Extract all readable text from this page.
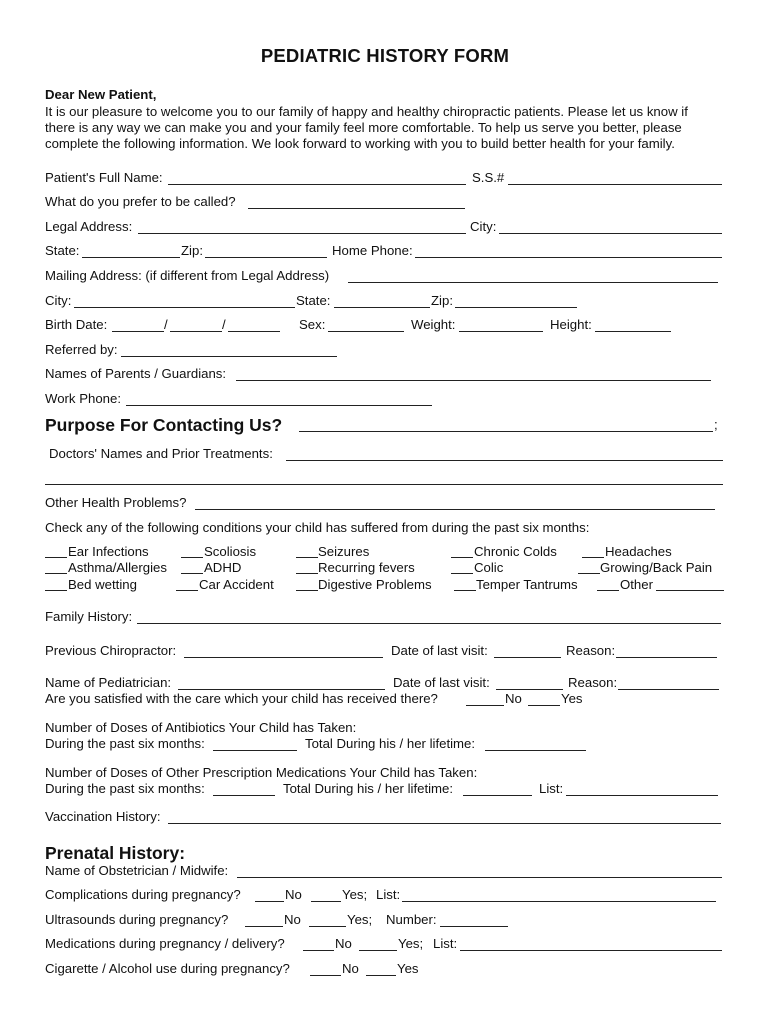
PEDIATRIC HISTORY FORM
Dear New Patient,
It is our pleasure to welcome you to our family of happy and healthy chiropractic patients. Please let us know if
there is any way we can make you and your family feel more comfortable. To help us serve you better, please
complete the following information. We look forward to working with you to build better health for your family.
Patient's Full Name:	S.S.#
What do you prefer to be called?
Legal Address:	City:
State:	Zip:	Home Phone:
Mailing Address: (if different from Legal Address)
City:	State:	Zip:
Birth Date:	/	/	Sex:	Weight:	Height:
Referred by:
Names of Parents / Guardians:
Work Phone:
Purpose For Contacting Us?	;
Doctors' Names and Prior Treatments:
Other Health Problems?
Check any of the following conditions your child has suffered from during the past six months:
Ear Infections	Scoliosis	Seizures	Chronic Colds	Headaches
Asthma/Allergies	ADHD	Recurring fevers	Colic	Growing/Back Pain
Bed wetting	Car Accident	Digestive Problems	Temper Tantrums	Other
Family History:
Previous Chiropractor:	Date of last visit:	Reason:
Name of Pediatrician:	Date of last visit:	Reason:
Are you satisfied with the care which your child has received there?	No	Yes
Number of Doses of Antibiotics Your Child has Taken:
During the past six months:	Total During his / her lifetime:
Number of Doses of Other Prescription Medications Your Child has Taken:
During the past six months:	Total During his / her lifetime:	List:
Vaccination History:
Prenatal History:
Name of Obstetrician / Midwife:
Complications during pregnancy?	No	Yes; List:
Ultrasounds during pregnancy?	No	Yes; Number:
Medications during pregnancy / delivery?	No	Yes; List:
Cigarette / Alcohol use during pregnancy?	No	Yes
